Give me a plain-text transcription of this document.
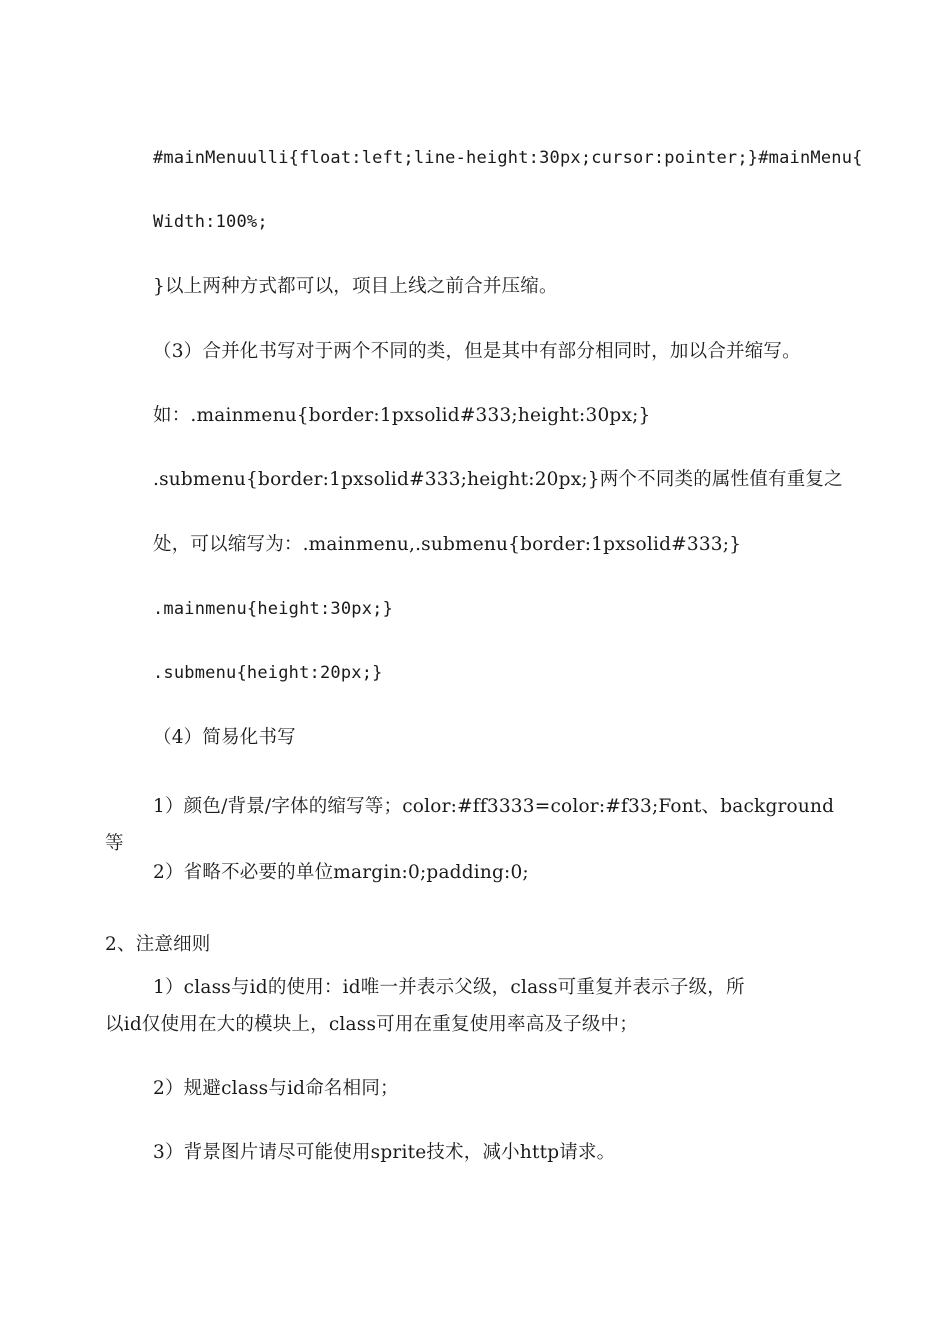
#mainMenuulli{float:left;line-height:30px;cursor:pointer;}#mainMenu{
Width:100%;
}以上两种方式都可以，项目上线之前合并压缩。
（3）合并化书写对于两个不同的类，但是其中有部分相同时，加以合并缩写。
如：.mainmenu{border:1pxsolid#333;height:30px;}
.submenu{border:1pxsolid#333;height:20px;}两个不同类的属性值有重复之
处，可以缩写为：.mainmenu,.submenu{border:1pxsolid#333;}
.mainmenu{height:30px;}
.submenu{height:20px;}
（4）简易化书写
1）颜色/背景/字体的缩写等；color:#ff3333=color:#f33;Font、background
等
2）省略不必要的单位margin:0;padding:0;
2、注意细则
1）class与id的使用：id唯一并表示父级，class可重复并表示子级，所
以id仅使用在大的模块上，class可用在重复使用率高及子级中；
2）规避class与id命名相同；
3）背景图片请尽可能使用sprite技术，减小http请求。
